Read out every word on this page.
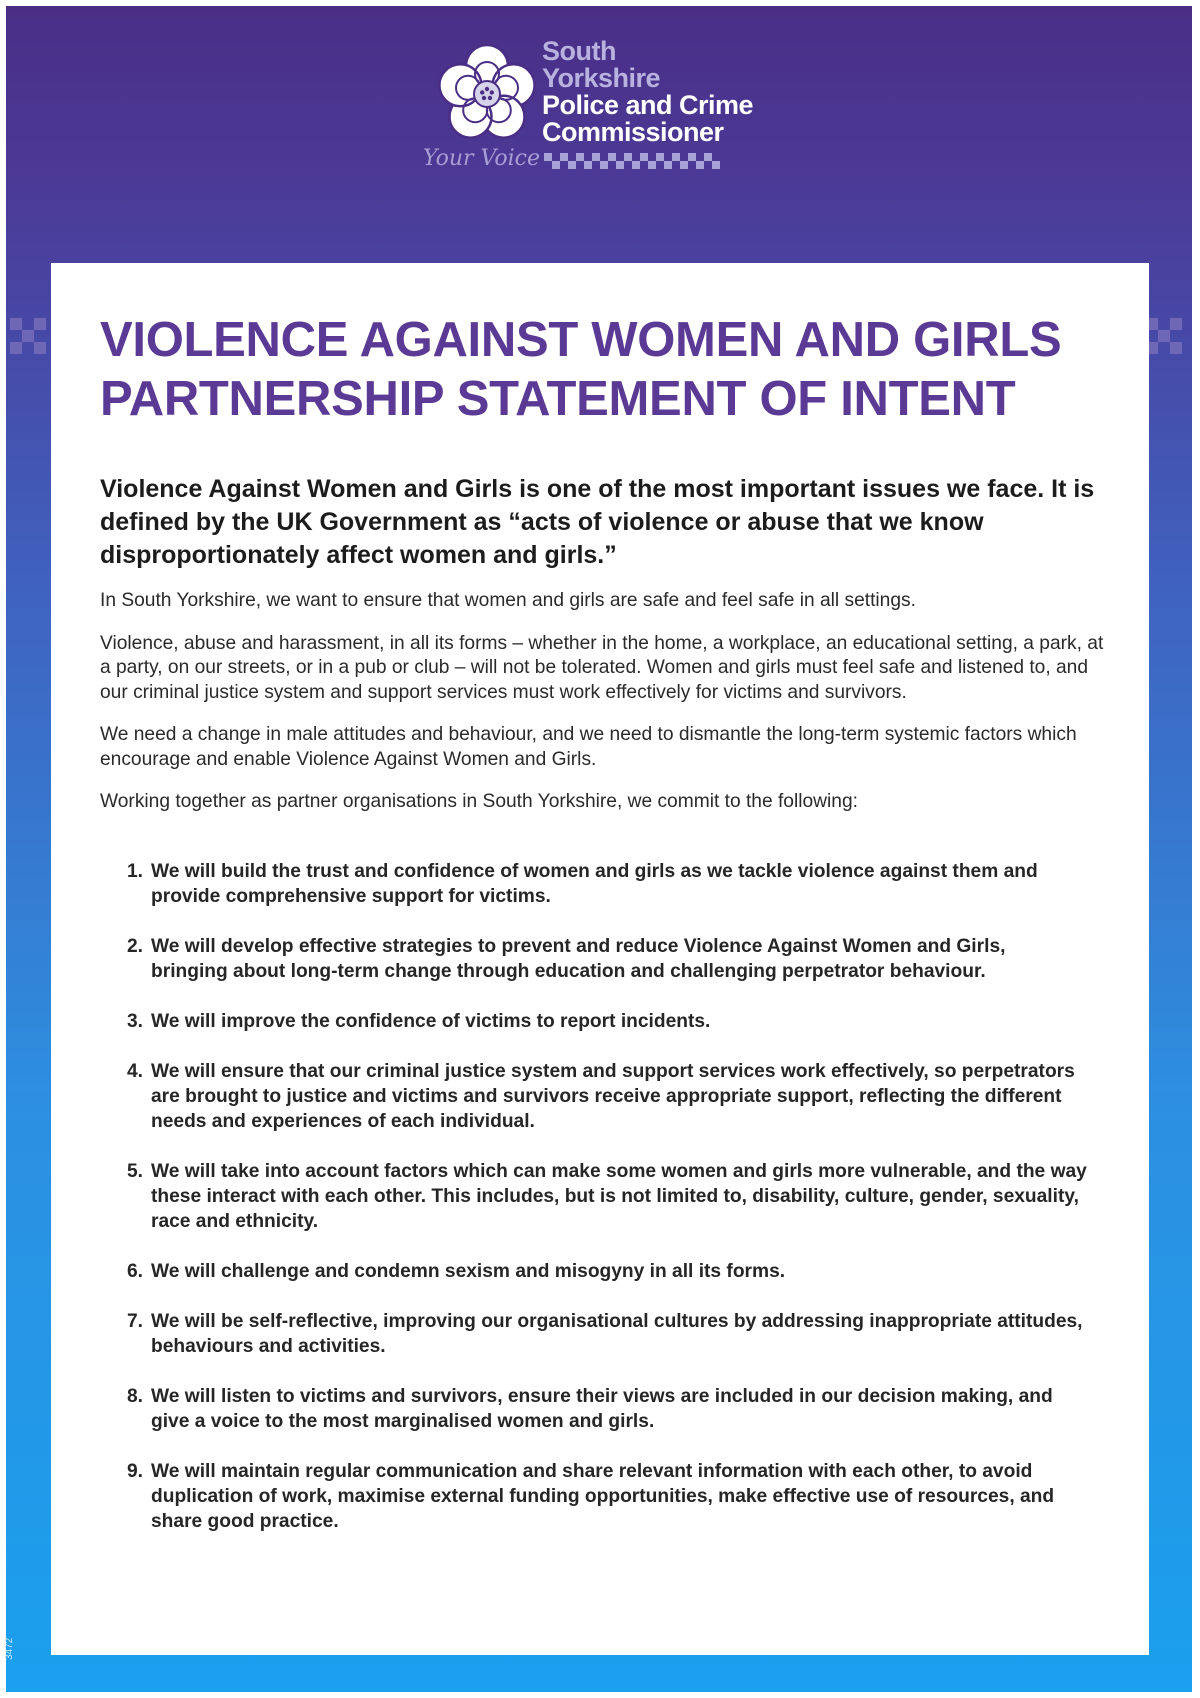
South
Yorkshire
Police and Crime
Commissioner
Your Voice
VIOLENCE AGAINST WOMEN AND GIRLS
PARTNERSHIP STATEMENT OF INTENT

Violence Against Women and Girls is one of the most important issues we face. It is defined by the UK Government as “acts of violence or abuse that we know disproportionately affect women and girls.”

In South Yorkshire, we want to ensure that women and girls are safe and feel safe in all settings.

Violence, abuse and harassment, in all its forms – whether in the home, a workplace, an educational setting, a park, at a party, on our streets, or in a pub or club – will not be tolerated. Women and girls must feel safe and listened to, and our criminal justice system and support services must work effectively for victims and survivors.

We need a change in male attitudes and behaviour, and we need to dismantle the long-term systemic factors which encourage and enable Violence Against Women and Girls.

Working together as partner organisations in South Yorkshire, we commit to the following:

1. We will build the trust and confidence of women and girls as we tackle violence against them and provide comprehensive support for victims.
2. We will develop effective strategies to prevent and reduce Violence Against Women and Girls, bringing about long-term change through education and challenging perpetrator behaviour.
3. We will improve the confidence of victims to report incidents.
4. We will ensure that our criminal justice system and support services work effectively, so perpetrators are brought to justice and victims and survivors receive appropriate support, reflecting the different needs and experiences of each individual.
5. We will take into account factors which can make some women and girls more vulnerable, and the way these interact with each other. This includes, but is not limited to, disability, culture, gender, sexuality, race and ethnicity.
6. We will challenge and condemn sexism and misogyny in all its forms.
7. We will be self-reflective, improving our organisational cultures by addressing inappropriate attitudes, behaviours and activities.
8. We will listen to victims and survivors, ensure their views are included in our decision making, and give a voice to the most marginalised women and girls.
9. We will maintain regular communication and share relevant information with each other, to avoid duplication of work, maximise external funding opportunities, make effective use of resources, and share good practice.
3472
